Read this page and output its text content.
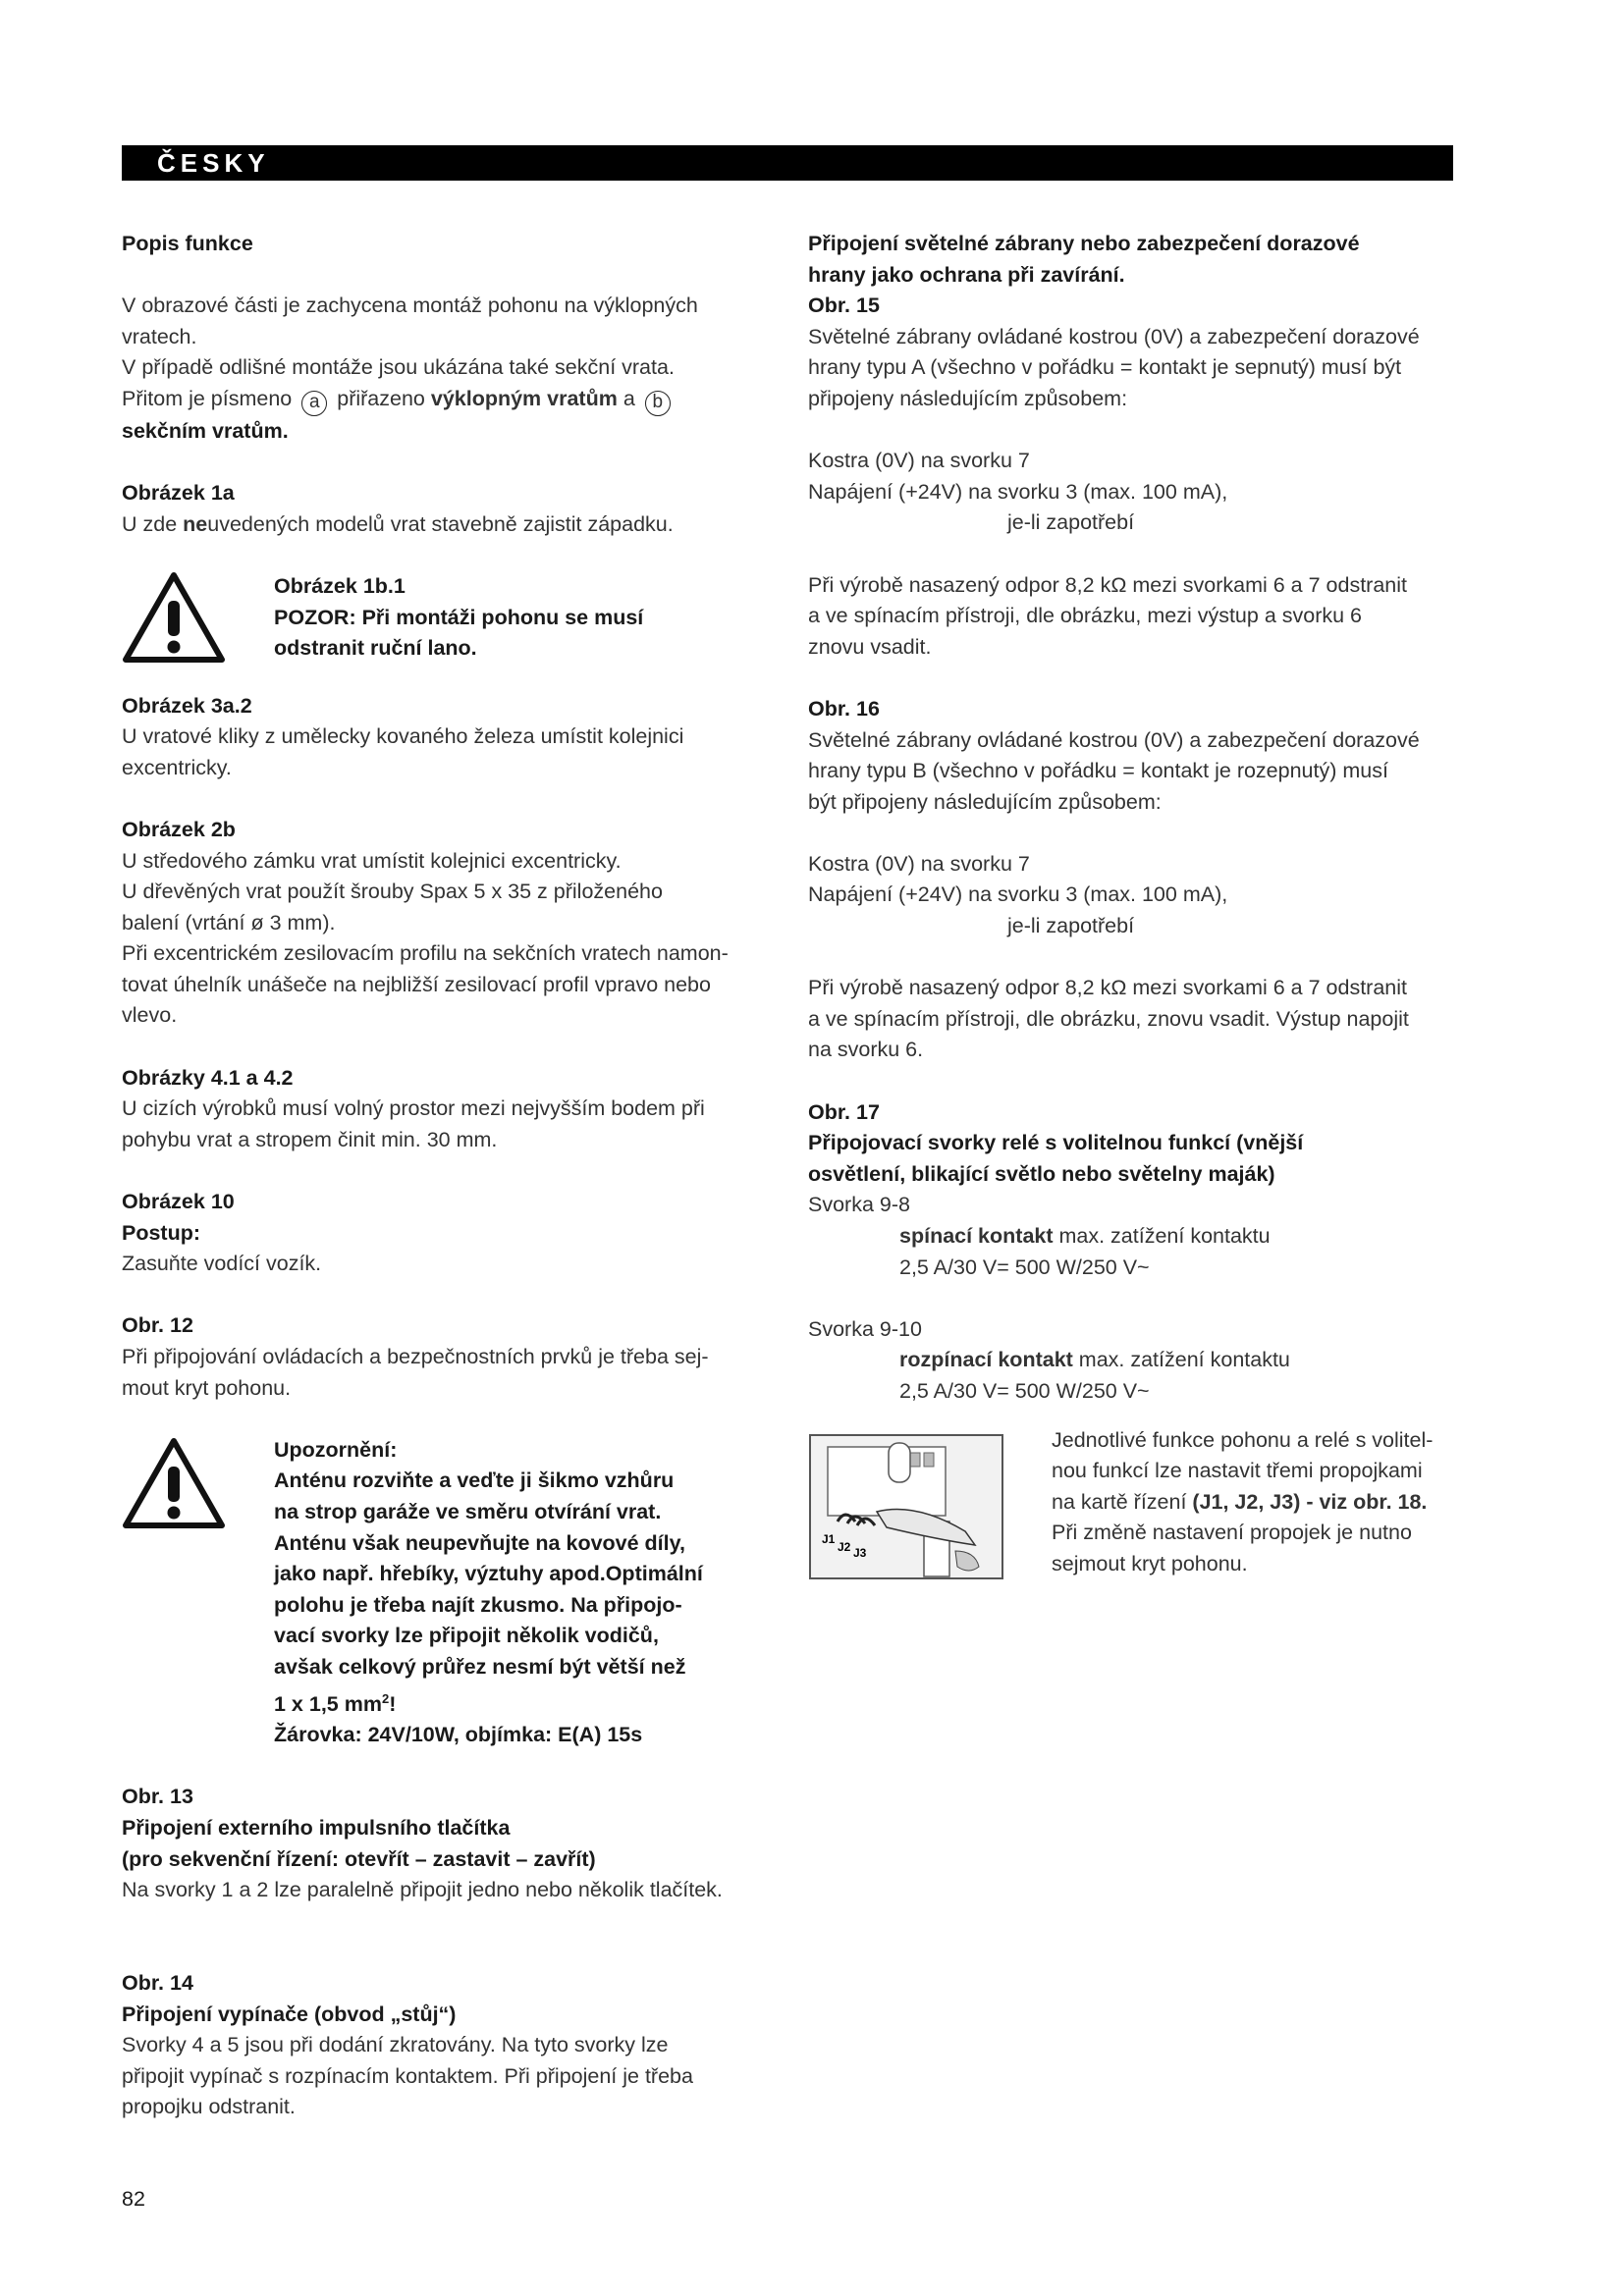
ČESKY

Popis funkce

V obrazové části je zachycena montáž pohonu na výklopných

vratech.

V případě odlišné montáže jsou ukázána také sekční vrata.

Přitom je písmeno a přiřazeno výklopným vratům a b

sekčním vratům.

Obrázek 1a

U zde neuvedených modelů vrat stavebně zajistit západku.

Obrázek 1b.1

POZOR: Při montáži pohonu se musí

odstranit ruční lano.

Obrázek 3a.2

U vratové kliky z umělecky kovaného železa umístit kolejnici

excentricky.

Obrázek 2b

U středového zámku vrat umístit kolejnici excentricky.

U dřevěných vrat použít šrouby Spax 5 x 35 z přiloženého

balení (vrtání ø 3 mm).

Při excentrickém zesilovacím profilu na sekčních vratech namon-

tovat úhelník unášeče na nejbližší zesilovací profil vpravo nebo

vlevo.

Obrázky 4.1 a 4.2

U cizích výrobků musí volný prostor mezi nejvyšším bodem při

pohybu vrat a stropem činit min. 30 mm.

Obrázek 10

Postup:

Zasuňte vodící vozík.

Obr. 12

Při připojování ovládacích a bezpečnostních prvků je třeba sej-

mout kryt pohonu.

Upozornění:

Anténu rozviňte a veďte ji šikmo vzhůru

na strop garáže ve směru otvírání vrat.

Anténu však neupevňujte na kovové díly,

jako např. hřebíky, výztuhy apod.Optimální

polohu je třeba najít zkusmo. Na připojo-

vací svorky lze připojit několik vodičů,

avšak celkový průřez nesmí být větší než

1 x 1,5 $mm^2$!

Žárovka: 24V/10W, objímka: E(A) 15s

Obr. 13

Připojení externího impulsního tlačítka

(pro sekvenční řízení: otevřít – zastavit – zavřít)

Na svorky 1 a 2 lze paralelně připojit jedno nebo několik tlačítek.

Obr. 14

Připojení vypínače (obvod „stůj“)

Svorky 4 a 5 jsou při dodání zkratovány. Na tyto svorky lze

připojit vypínač s rozpínacím kontaktem. Při připojení je třeba

propojku odstranit.

Připojení světelné zábrany nebo zabezpečení dorazové

hrany jako ochrana při zavírání.

Obr. 15

Světelné zábrany ovládané kostrou (0V) a zabezpečení dorazové

hrany typu A (všechno v pořádku = kontakt je sepnutý) musí být

připojeny následujícím způsobem:

Kostra (0V) na svorku 7

Napájení (+24V) na svorku 3 (max. 100 mA),

je-li zapotřebí

Při výrobě nasazený odpor 8,2 kΩ mezi svorkami 6 a 7 odstranit

a ve spínacím přístroji, dle obrázku, mezi výstup a svorku 6

znovu vsadit.

Obr. 16

Světelné zábrany ovládané kostrou (0V) a zabezpečení dorazové

hrany typu B (všechno v pořádku = kontakt je rozepnutý) musí

být připojeny následujícím způsobem:

Kostra (0V) na svorku 7

Napájení (+24V) na svorku 3 (max. 100 mA),

je-li zapotřebí

Při výrobě nasazený odpor 8,2 kΩ mezi svorkami 6 a 7 odstranit

a ve spínacím přístroji, dle obrázku, znovu vsadit. Výstup napojit

na svorku 6.

Obr. 17

Připojovací svorky relé s volitelnou funkcí (vnější

osvětlení, blikající světlo nebo světelny maják)

Svorka 9-8

spínací kontakt max. zatížení kontaktu

2,5 A/30 V= 500 W/250 V~

Svorka 9-10

rozpínací kontakt max. zatížení kontaktu

2,5 A/30 V= 500 W/250 V~

J1
J2 J3

Jednotlivé funkce pohonu a relé s volitel-

nou funkcí lze nastavit třemi propojkami

na kartě řízení (J1, J2, J3) - viz obr. 18.

Při změně nastavení propojek je nutno

sejmout kryt pohonu.

82
